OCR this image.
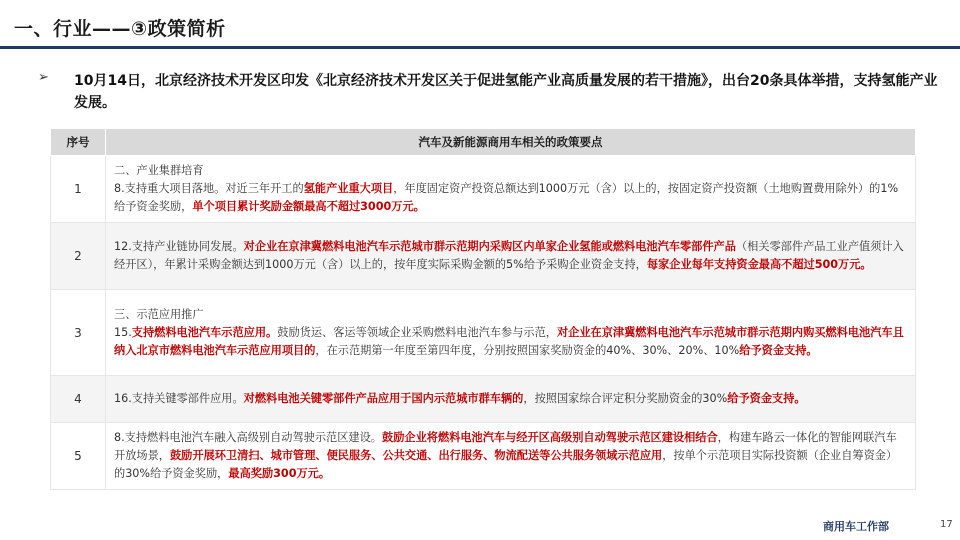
一、行业——③政策简析
➢ 10月14日，北京经济技术开发区印发《北京经济技术开发区关于促进氢能产业高质量发展的若干措施》，出台20条具体举措，支持氢能产业发展。
序号	汽车及新能源商用车相关的政策要点
1	二、产业集群培育
8.支持重大项目落地。对近三年开工的氢能产业重大项目，年度固定资产投资总额达到1000万元（含）以上的，按固定资产投资额（土地购置费用除外）的1%给予资金奖励，单个项目累计奖励金额最高不超过3000万元。
2	12.支持产业链协同发展。对企业在京津冀燃料电池汽车示范城市群示范期内采购区内单家企业氢能或燃料电池汽车零部件产品（相关零部件产品工业产值须计入经开区），年累计采购金额达到1000万元（含）以上的，按年度实际采购金额的5%给予采购企业资金支持，每家企业每年支持资金最高不超过500万元。
3	三、示范应用推广
15.支持燃料电池汽车示范应用。鼓励货运、客运等领域企业采购燃料电池汽车参与示范，对企业在京津冀燃料电池汽车示范城市群示范期内购买燃料电池汽车且纳入北京市燃料电池汽车示范应用项目的，在示范期第一年度至第四年度，分别按照国家奖励资金的40%、30%、20%、10%给予资金支持。
4	16.支持关键零部件应用。对燃料电池关键零部件产品应用于国内示范城市群车辆的，按照国家综合评定积分奖励资金的30%给予资金支持。
5	8.支持燃料电池汽车融入高级别自动驾驶示范区建设。鼓励企业将燃料电池汽车与经开区高级别自动驾驶示范区建设相结合，构建车路云一体化的智能网联汽车开放场景，鼓励开展环卫清扫、城市管理、便民服务、公共交通、出行服务、物流配送等公共服务领域示范应用，按单个示范项目实际投资额（企业自筹资金）的30%给予资金奖励，最高奖励300万元。
商用车工作部	17
